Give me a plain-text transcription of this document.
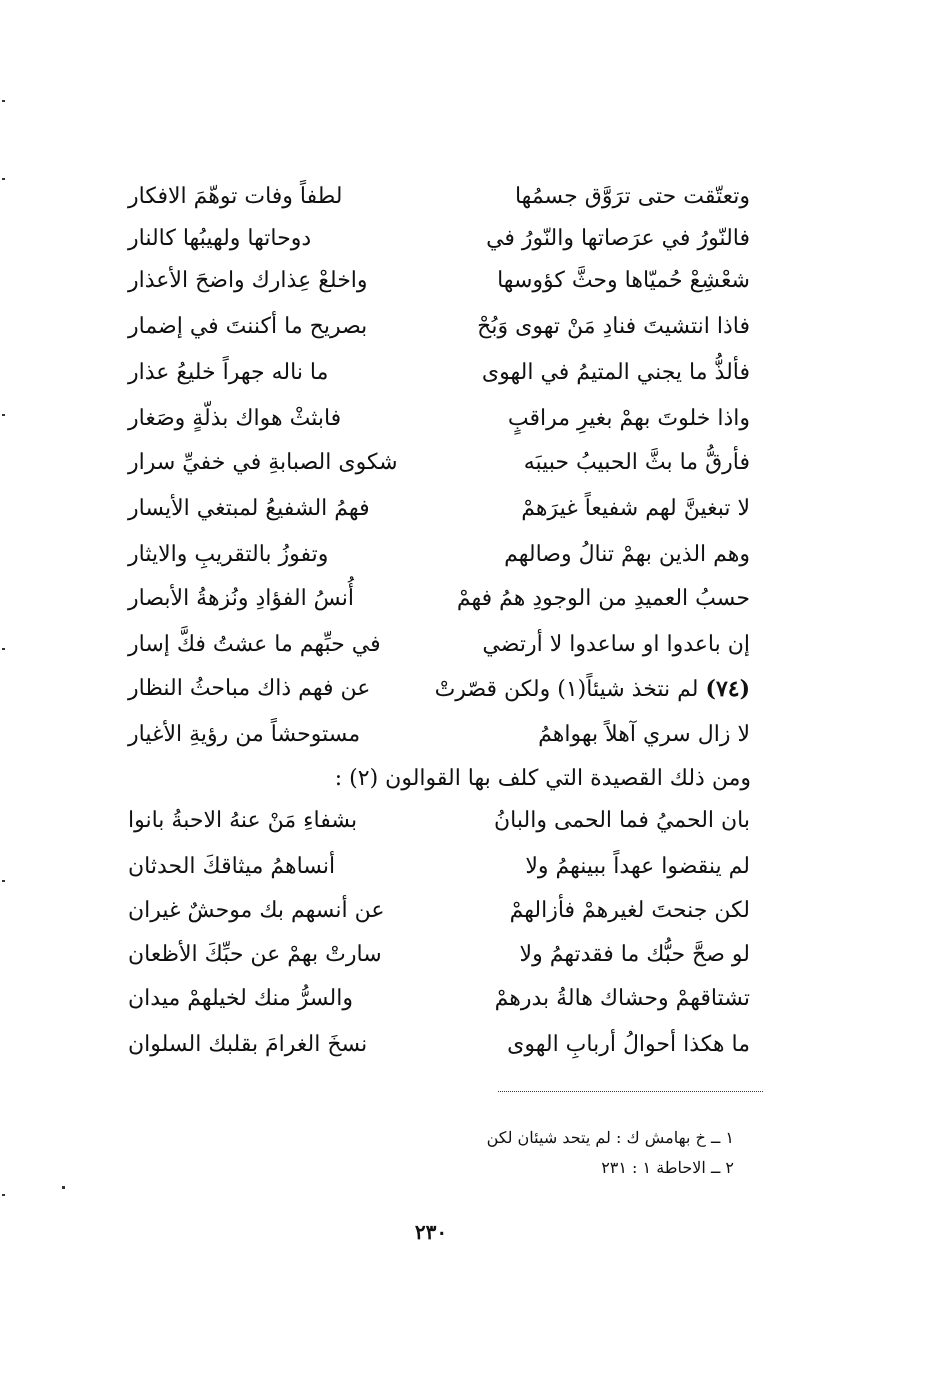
وتعتّقت حتى ترَوَّق جسمُها
لطفاً وفات توهّمَ الافكار
فالنّورُ في عرَصاتها والنّورُ في
دوحاتها ولهيبُها كالنار
شعْشِعْ حُميّاها وحثَّ كؤوسها
واخلعْ عِذارك واضحَ الأعذار
فاذا انتشيتَ فنادِ مَنْ تهوى وَبُحْ
بصريح ما أكننتَ في إضمار
فألذُّ ما يجني المتيمُ في الهوى
ما ناله جهراً خليعُ عذار
واذا خلوتَ بهمْ بغيرِ مراقبٍ
فابثثْ هواك بذلّةٍ وصَغار
فأرقُّ ما بثَّ الحبيبُ حبيبَه
شكوى الصبابةِ في خفيِّ سرار
لا تبغينَّ لهم شفيعاً غيرَهمْ
فهمُ الشفيعُ لمبتغي الأيسار
وهم الذين بهمْ تنالُ وصالهم
وتفوزُ بالتقريبِ والايثار
حسبُ العميدِ من الوجودِ همُ فهمْ
أُنسُ الفؤادِ ونُزهةُ الأبصار
إن باعدوا او ساعدوا لا أرتضي
في حبِّهم ما عشتُ فكَّ إسار
(٧٤) لم نتخذ شيئاً(١) ولكن قصّرتْ
عن فهم ذاك مباحثُ النظار
لا زال سري آهلاً بهواهمُ
مستوحشاً من رؤيةِ الأغيار
ومن ذلك القصيدة التي كلف بها القوالون (٢) :
بان الحميُ فما الحمى والبانُ
بشفاءِ مَنْ عنهُ الاحبةُ بانوا
لم ينقضوا عهداً ببينهمُ ولا
أنساهمُ ميثاقكَ الحدثان
لكن جنحتَ لغيرهمْ فأزالهمْ
عن أنسهم بك موحشٌ غيران
لو صحَّ حبُّك ما فقدتهمُ ولا
سارتْ بهمْ عن حبِّكَ الأظعان
تشتاقهمْ وحشاك هالةُ بدرهمْ
والسرُّ منك لخيلهمْ ميدان
ما هكذا أحوالُ أربابِ الهوى
نسخَ الغرامَ بقلبك السلوان
١ ــ خ بهامش ك : لم يتحد شيئان لكن
٢ ــ الاحاطة ١ : ٢٣١
٢٣٠
